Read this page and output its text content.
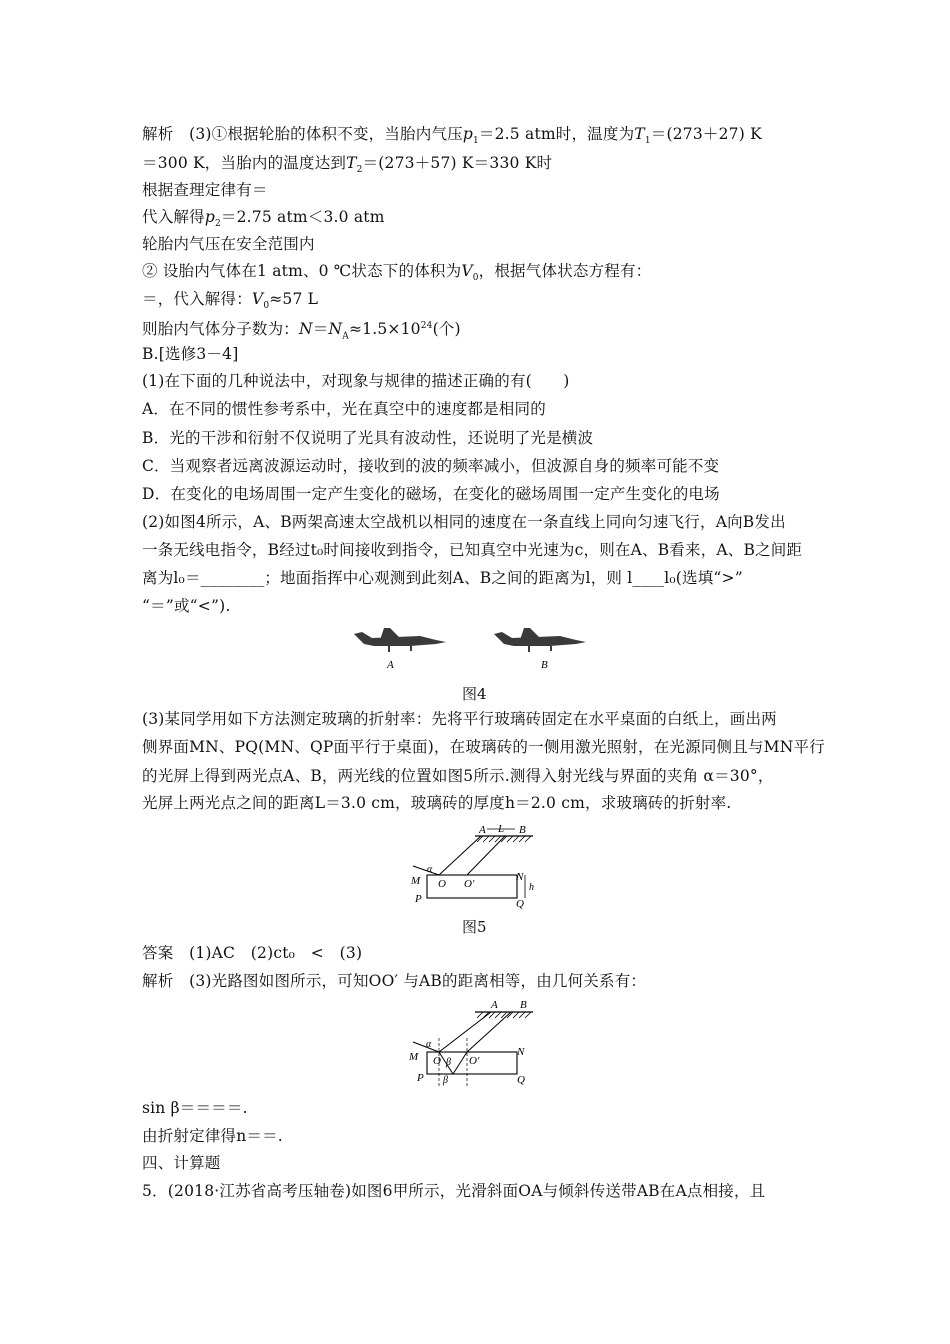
解析　(3)①根据轮胎的体积不变，当胎内气压$p_1=2.5$ atm时，温度为$T_1=(273+27)$ K
＝300 K，当胎内的温度达到$T_2=(273+57)$ K＝330 K时
根据查理定律有＝
代入解得$p_2=2.75$ atm＜3.0 atm
轮胎内气压在安全范围内
② 设胎内气体在1 atm、0 ℃状态下的体积为$V_0$，根据气体状态方程有：
＝，代入解得：$V_0\approx 57$ L
则胎内气体分子数为：$N=N_A\approx 1.5\times 10^{24}$(个)
B.[选修3－4]
(1)在下面的几种说法中，对现象与规律的描述正确的有(　　)
A．在不同的惯性参考系中，光在真空中的速度都是相同的
B．光的干涉和衍射不仅说明了光具有波动性，还说明了光是横波
C．当观察者远离波源运动时，接收到的波的频率减小，但波源自身的频率可能不变
D．在变化的电场周围一定产生变化的磁场，在变化的磁场周围一定产生变化的电场
(2)如图4所示，A、B两架高速太空战机以相同的速度在一条直线上同向匀速飞行，A向B发出
一条无线电指令，B经过t₀时间接收到指令，已知真空中光速为c，则在A、B看来，A、B之间距
离为l₀＝________；地面指挥中心观测到此刻A、B之间的距离为l，则 l____l₀(选填“>”
“＝”或“<”).
A	B
图4
(3)某同学用如下方法测定玻璃的折射率：先将平行玻璃砖固定在水平桌面的白纸上，画出两
侧界面MN、PQ(MN、QP面平行于桌面)，在玻璃砖的一侧用激光照射，在光源同侧且与MN平行
的光屏上得到两光点A、B，两光线的位置如图5所示.测得入射光线与界面的夹角 α＝30°，
光屏上两光点之间的距离L＝3.0 cm，玻璃砖的厚度h＝2.0 cm，求玻璃砖的折射率.
A L B
M
α
O O′
N
h
P	Q
图5
答案　(1)AC　(2)ct₀　<　(3)
解析　(3)光路图如图所示，可知OO′ 与AB的距离相等，由几何关系有：
A B
M
α
O β O′
N
P β	Q
sin β＝＝＝＝.
由折射定律得n＝＝.
四、计算题
5．(2018·江苏省高考压轴卷)如图6甲所示，光滑斜面OA与倾斜传送带AB在A点相接，且
